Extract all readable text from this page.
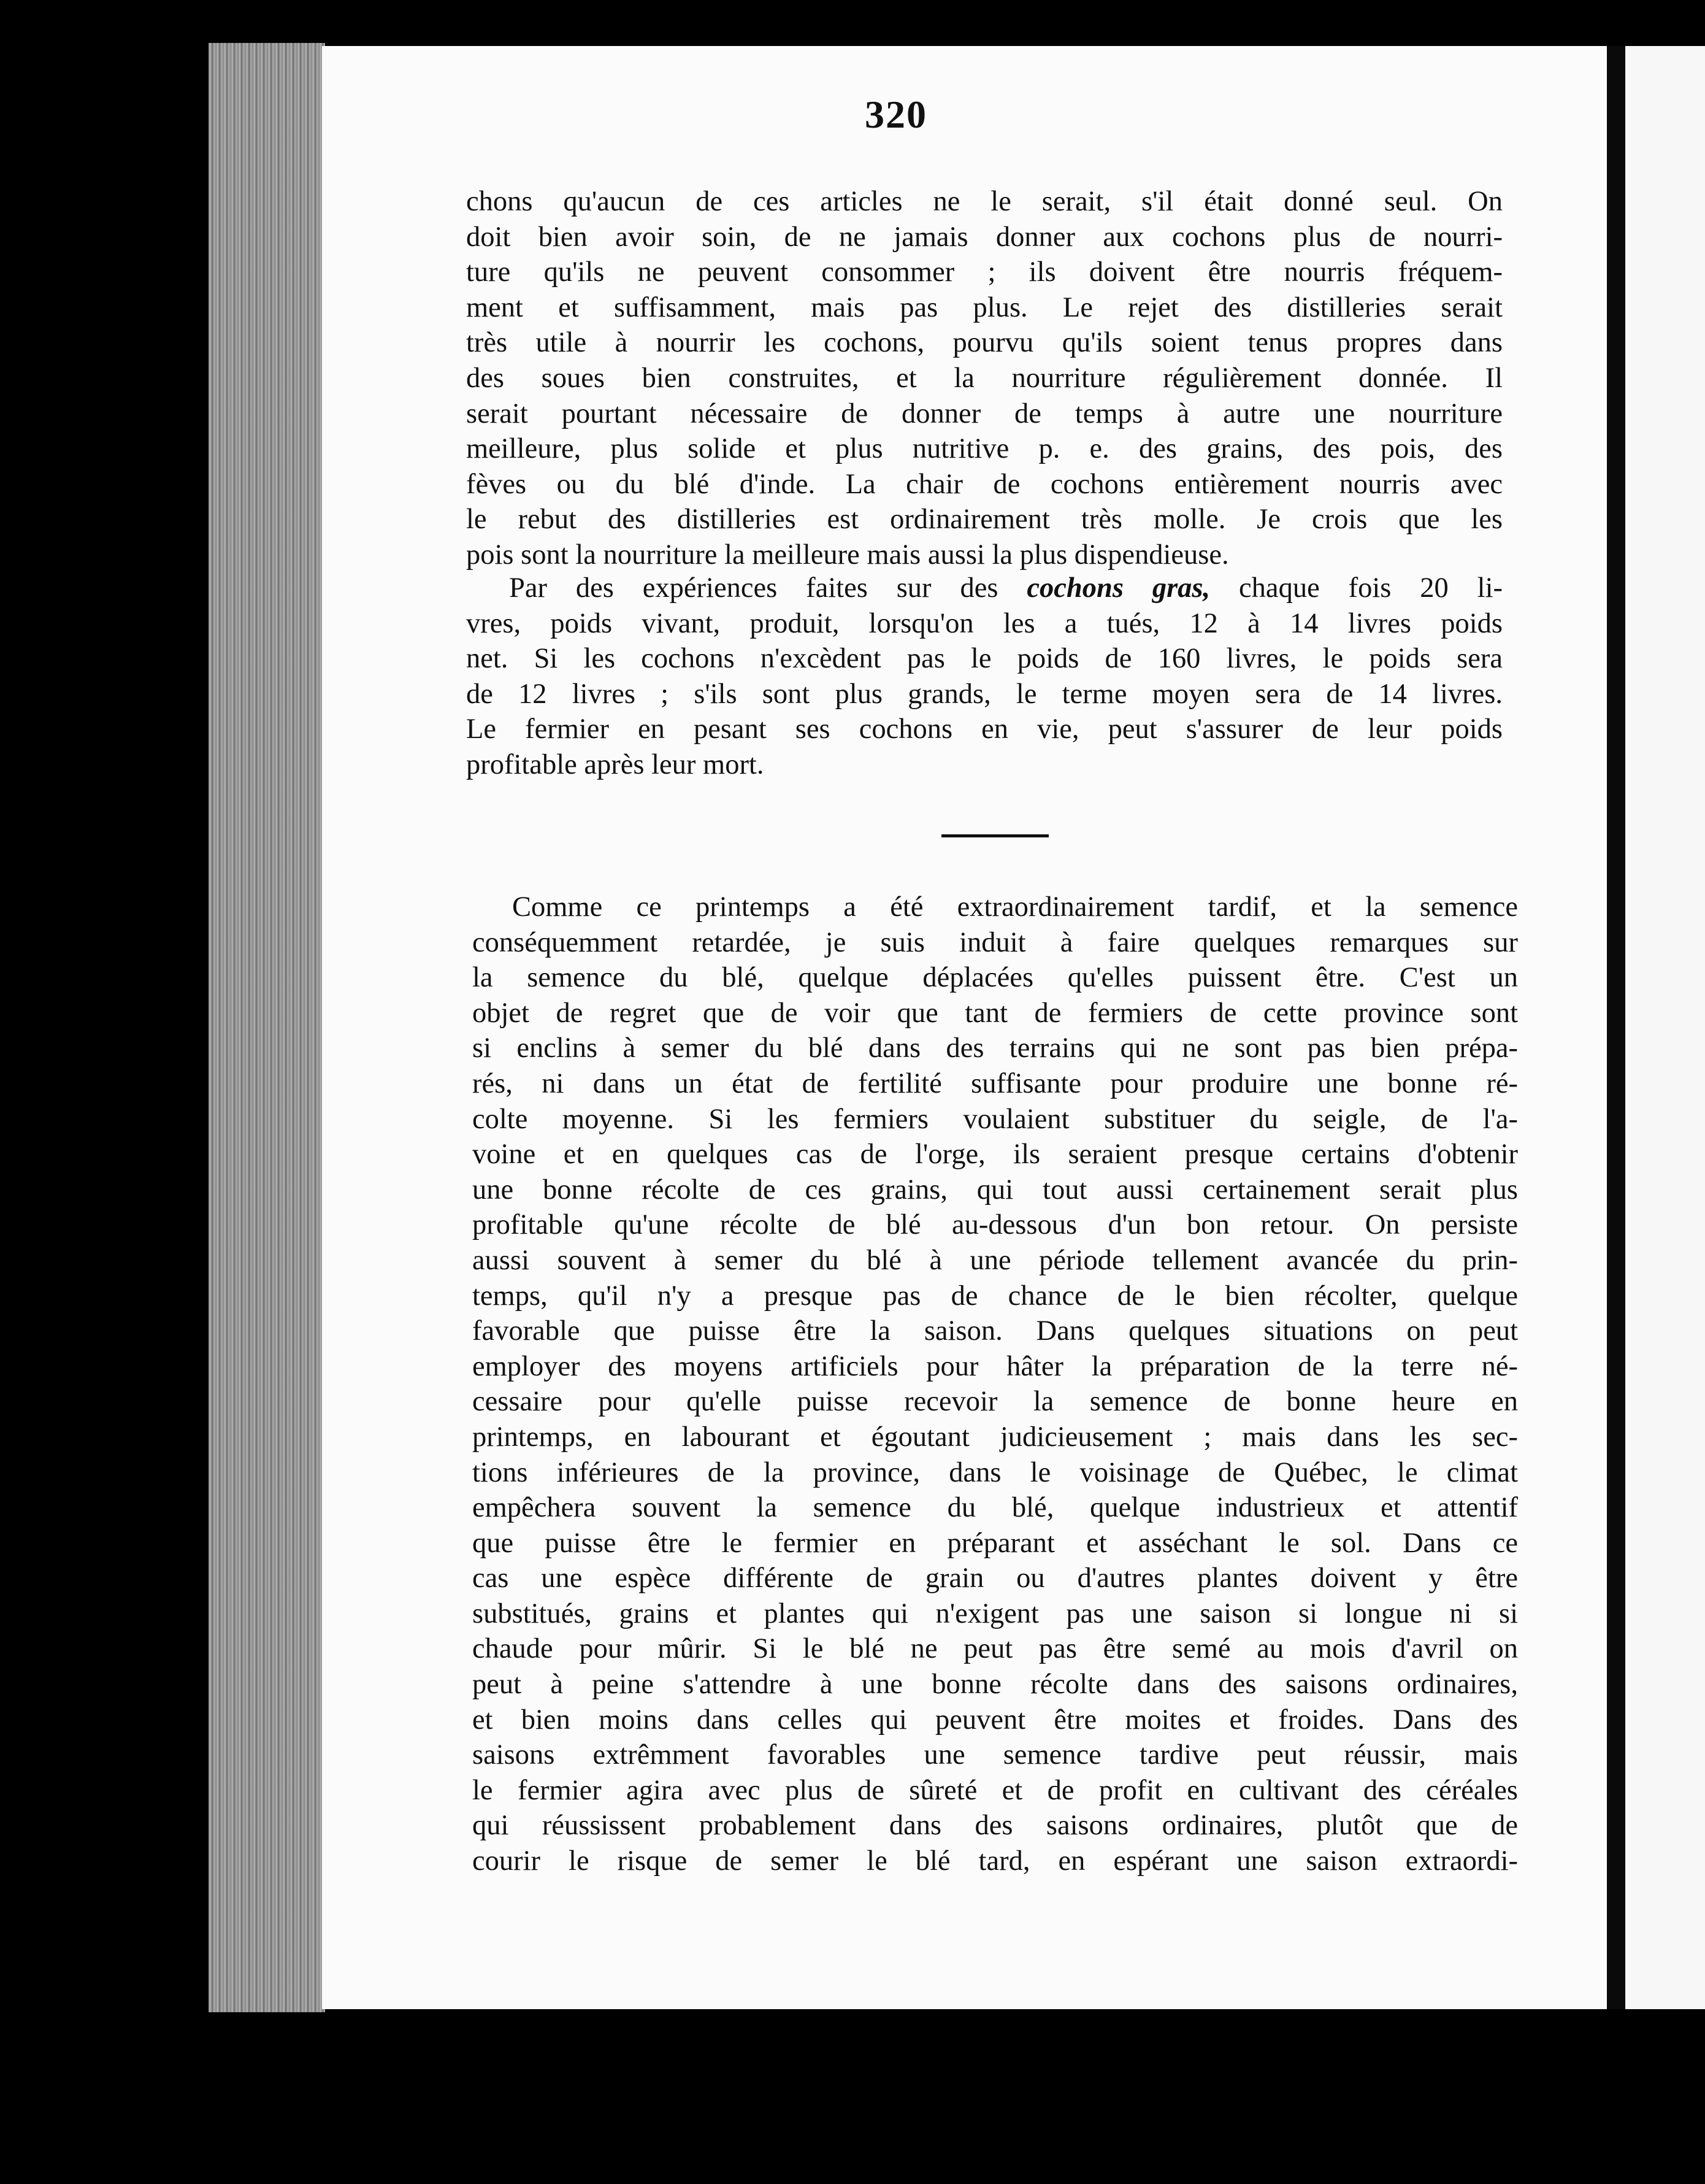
320
chons qu'aucun de ces articles ne le serait, s'il était donné seul. On
doit bien avoir soin, de ne jamais donner aux cochons plus de nourri-
ture qu'ils ne peuvent consommer ; ils doivent être nourris fréquem-
ment et suffisamment, mais pas plus. Le rejet des distilleries serait
très utile à nourrir les cochons, pourvu qu'ils soient tenus propres dans
des soues bien construites, et la nourriture régulièrement donnée. Il
serait pourtant nécessaire de donner de temps à autre une nourriture
meilleure, plus solide et plus nutritive p. e. des grains, des pois, des
fèves ou du blé d'inde. La chair de cochons entièrement nourris avec
le rebut des distilleries est ordinairement très molle. Je crois que les
pois sont la nourriture la meilleure mais aussi la plus dispendieuse.
Par des expériences faites sur des cochons gras, chaque fois 20 li-
vres, poids vivant, produit, lorsqu'on les a tués, 12 à 14 livres poids
net. Si les cochons n'excèdent pas le poids de 160 livres, le poids sera
de 12 livres ; s'ils sont plus grands, le terme moyen sera de 14 livres.
Le fermier en pesant ses cochons en vie, peut s'assurer de leur poids
profitable après leur mort.
Comme ce printemps a été extraordinairement tardif, et la semence
conséquemment retardée, je suis induit à faire quelques remarques sur
la semence du blé, quelque déplacées qu'elles puissent être. C'est un
objet de regret que de voir que tant de fermiers de cette province sont
si enclins à semer du blé dans des terrains qui ne sont pas bien prépa-
rés, ni dans un état de fertilité suffisante pour produire une bonne ré-
colte moyenne. Si les fermiers voulaient substituer du seigle, de l'a-
voine et en quelques cas de l'orge, ils seraient presque certains d'obtenir
une bonne récolte de ces grains, qui tout aussi certainement serait plus
profitable qu'une récolte de blé au-dessous d'un bon retour. On persiste
aussi souvent à semer du blé à une période tellement avancée du prin-
temps, qu'il n'y a presque pas de chance de le bien récolter, quelque
favorable que puisse être la saison. Dans quelques situations on peut
employer des moyens artificiels pour hâter la préparation de la terre né-
cessaire pour qu'elle puisse recevoir la semence de bonne heure en
printemps, en labourant et égoutant judicieusement ; mais dans les sec-
tions inférieures de la province, dans le voisinage de Québec, le climat
empêchera souvent la semence du blé, quelque industrieux et attentif
que puisse être le fermier en préparant et asséchant le sol. Dans ce
cas une espèce différente de grain ou d'autres plantes doivent y être
substitués, grains et plantes qui n'exigent pas une saison si longue ni si
chaude pour mûrir. Si le blé ne peut pas être semé au mois d'avril on
peut à peine s'attendre à une bonne récolte dans des saisons ordinaires,
et bien moins dans celles qui peuvent être moites et froides. Dans des
saisons extrêmment favorables une semence tardive peut réussir, mais
le fermier agira avec plus de sûreté et de profit en cultivant des céréales
qui réussissent probablement dans des saisons ordinaires, plutôt que de
courir le risque de semer le blé tard, en espérant une saison extraordi-
